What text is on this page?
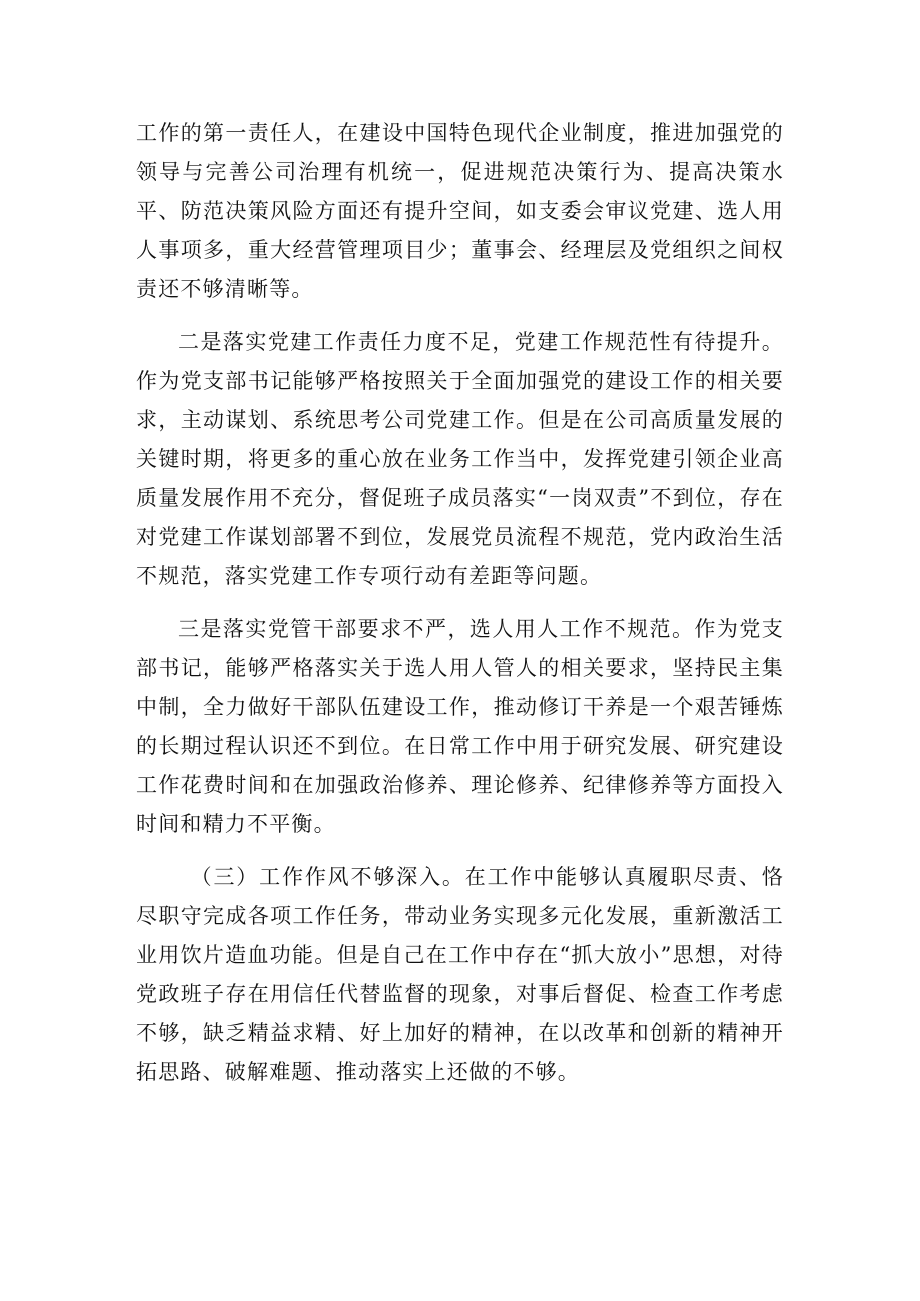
工作的第一责任人，在建设中国特色现代企业制度，推进加强党的领导与完善公司治理有机统一，促进规范决策行为、提高决策水平、防范决策风险方面还有提升空间，如支委会审议党建、选人用人事项多，重大经营管理项目少；董事会、经理层及党组织之间权责还不够清晰等。

二是落实党建工作责任力度不足，党建工作规范性有待提升。作为党支部书记能够严格按照关于全面加强党的建设工作的相关要求，主动谋划、系统思考公司党建工作。但是在公司高质量发展的关键时期，将更多的重心放在业务工作当中，发挥党建引领企业高质量发展作用不充分，督促班子成员落实“一岗双责”不到位，存在对党建工作谋划部署不到位，发展党员流程不规范，党内政治生活不规范，落实党建工作专项行动有差距等问题。

三是落实党管干部要求不严，选人用人工作不规范。作为党支部书记，能够严格落实关于选人用人管人的相关要求，坚持民主集中制，全力做好干部队伍建设工作，推动修订干养是一个艰苦锤炼的长期过程认识还不到位。在日常工作中用于研究发展、研究建设工作花费时间和在加强政治修养、理论修养、纪律修养等方面投入时间和精力不平衡。

（三）工作作风不够深入。在工作中能够认真履职尽责、恪尽职守完成各项工作任务，带动业务实现多元化发展，重新激活工业用饮片造血功能。但是自己在工作中存在“抓大放小”思想，对待党政班子存在用信任代替监督的现象，对事后督促、检查工作考虑不够，缺乏精益求精、好上加好的精神，在以改革和创新的精神开拓思路、破解难题、推动落实上还做的不够。
